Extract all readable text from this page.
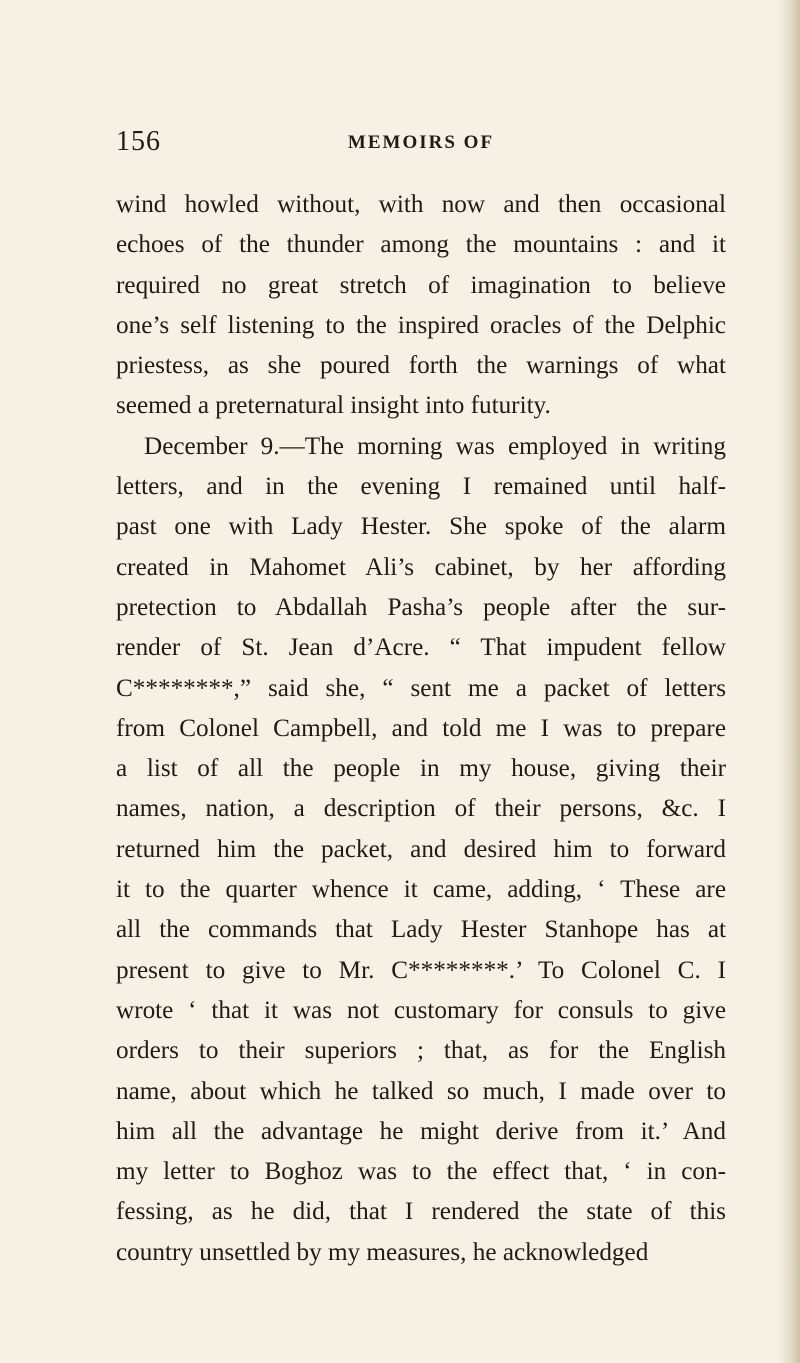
156	MEMOIRS OF
wind howled without, with now and then occasional
echoes of the thunder among the mountains : and it
required no great stretch of imagination to believe
one’s self listening to the inspired oracles of the Delphic
priestess, as she poured forth the warnings of what
seemed a preternatural insight into futurity.
December 9.—The morning was employed in writing
letters, and in the evening I remained until half-
past one with Lady Hester. She spoke of the alarm
created in Mahomet Ali’s cabinet, by her affording
pretection to Abdallah Pasha’s people after the sur-
render of St. Jean d’Acre. “ That impudent fellow
C********,” said she, “ sent me a packet of letters
from Colonel Campbell, and told me I was to prepare
a list of all the people in my house, giving their
names, nation, a description of their persons, &c. I
returned him the packet, and desired him to forward
it to the quarter whence it came, adding, ‘ These are
all the commands that Lady Hester Stanhope has at
present to give to Mr. C********.’ To Colonel C. I
wrote ‘ that it was not customary for consuls to give
orders to their superiors ; that, as for the English
name, about which he talked so much, I made over to
him all the advantage he might derive from it.’ And
my letter to Boghoz was to the effect that, ‘ in con-
fessing, as he did, that I rendered the state of this
country unsettled by my measures, he acknowledged
